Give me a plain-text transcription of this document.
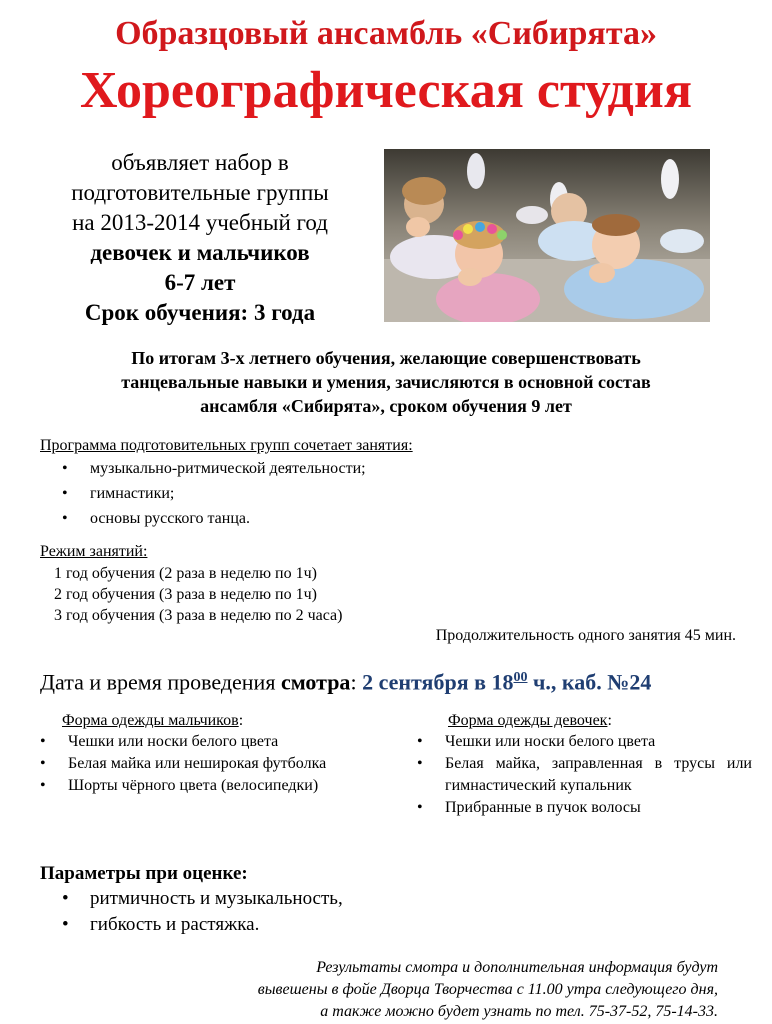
Образцовый ансамбль «Сибирята»
Хореографическая студия
объявляет набор в
подготовительные группы
на 2013-2014 учебный год
девочек и мальчиков
6-7 лет
Срок обучения: 3 года
По итогам 3-х летнего обучения, желающие совершенствовать
танцевальные навыки и умения, зачисляются в основной состав
ансамбля «Сибирята», сроком обучения 9 лет
Программа подготовительных групп сочетает занятия:
• музыкально-ритмической деятельности;
• гимнастики;
• основы русского танца.
Режим занятий:
1 год обучения (2 раза в неделю по 1ч)
2 год обучения (3 раза в неделю по 1ч)
3 год обучения (3 раза в неделю по 2 часа)
Продолжительность одного занятия 45 мин.
Дата и время проведения смотра: 2 сентября в $18^{00}$ ч., каб. №24
Форма одежды мальчиков:
• Чешки или носки белого цвета
• Белая майка или неширокая футболка
• Шорты чёрного цвета (велосипедки)
Форма одежды девочек:
• Чешки или носки белого цвета
• Белая майка, заправленная в трусы или гимнастический купальник
• Прибранные в пучок волосы
Параметры при оценке:
• ритмичность и музыкальность,
• гибкость и растяжка.
Результаты смотра и дополнительная информация будут
вывешены в фойе Дворца Творчества с 11.00 утра следующего дня,
а также можно будет узнать по тел. 75-37-52, 75-14-33.
